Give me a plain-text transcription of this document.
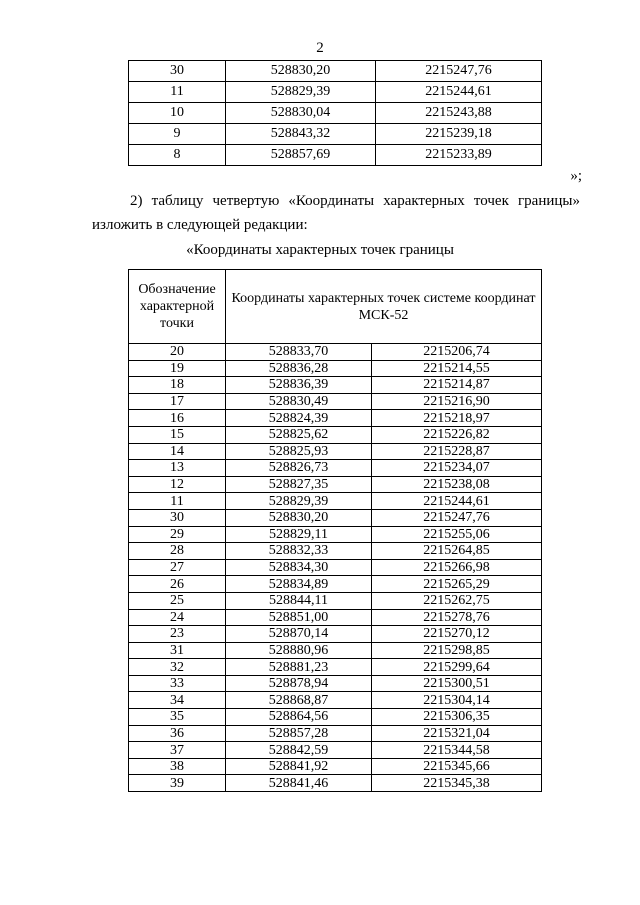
2
30	528830,20	2215247,76
11	528829,39	2215244,61
10	528830,04	2215243,88
9	528843,32	2215239,18
8	528857,69	2215233,89
»;
2) таблицу четвертую «Координаты характерных точек границы»
изложить в следующей редакции:
«Координаты характерных точек границы
Обозначение характерной точки	Координаты характерных точек системе координат МСК-52	
20	528833,70	2215206,74
19	528836,28	2215214,55
18	528836,39	2215214,87
17	528830,49	2215216,90
16	528824,39	2215218,97
15	528825,62	2215226,82
14	528825,93	2215228,87
13	528826,73	2215234,07
12	528827,35	2215238,08
11	528829,39	2215244,61
30	528830,20	2215247,76
29	528829,11	2215255,06
28	528832,33	2215264,85
27	528834,30	2215266,98
26	528834,89	2215265,29
25	528844,11	2215262,75
24	528851,00	2215278,76
23	528870,14	2215270,12
31	528880,96	2215298,85
32	528881,23	2215299,64
33	528878,94	2215300,51
34	528868,87	2215304,14
35	528864,56	2215306,35
36	528857,28	2215321,04
37	528842,59	2215344,58
38	528841,92	2215345,66
39	528841,46	2215345,38
